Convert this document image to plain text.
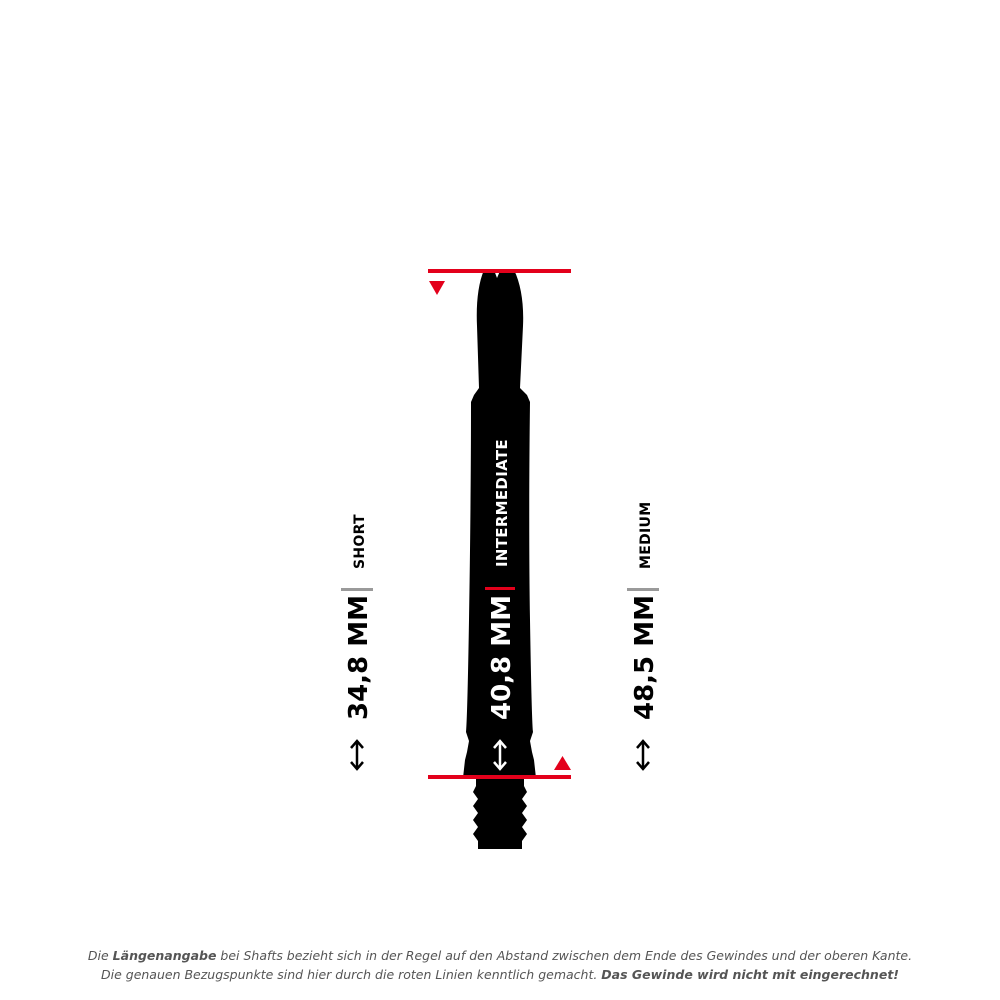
INTERMEDIATE
40,8 MM
SHORT
34,8 MM
MEDIUM
48,5 MM
Die Längenangabe bei Shafts bezieht sich in der Regel auf den Abstand zwischen dem Ende des Gewindes und der oberen Kante.
Die genauen Bezugspunkte sind hier durch die roten Linien kenntlich gemacht. Das Gewinde wird nicht mit eingerechnet!
